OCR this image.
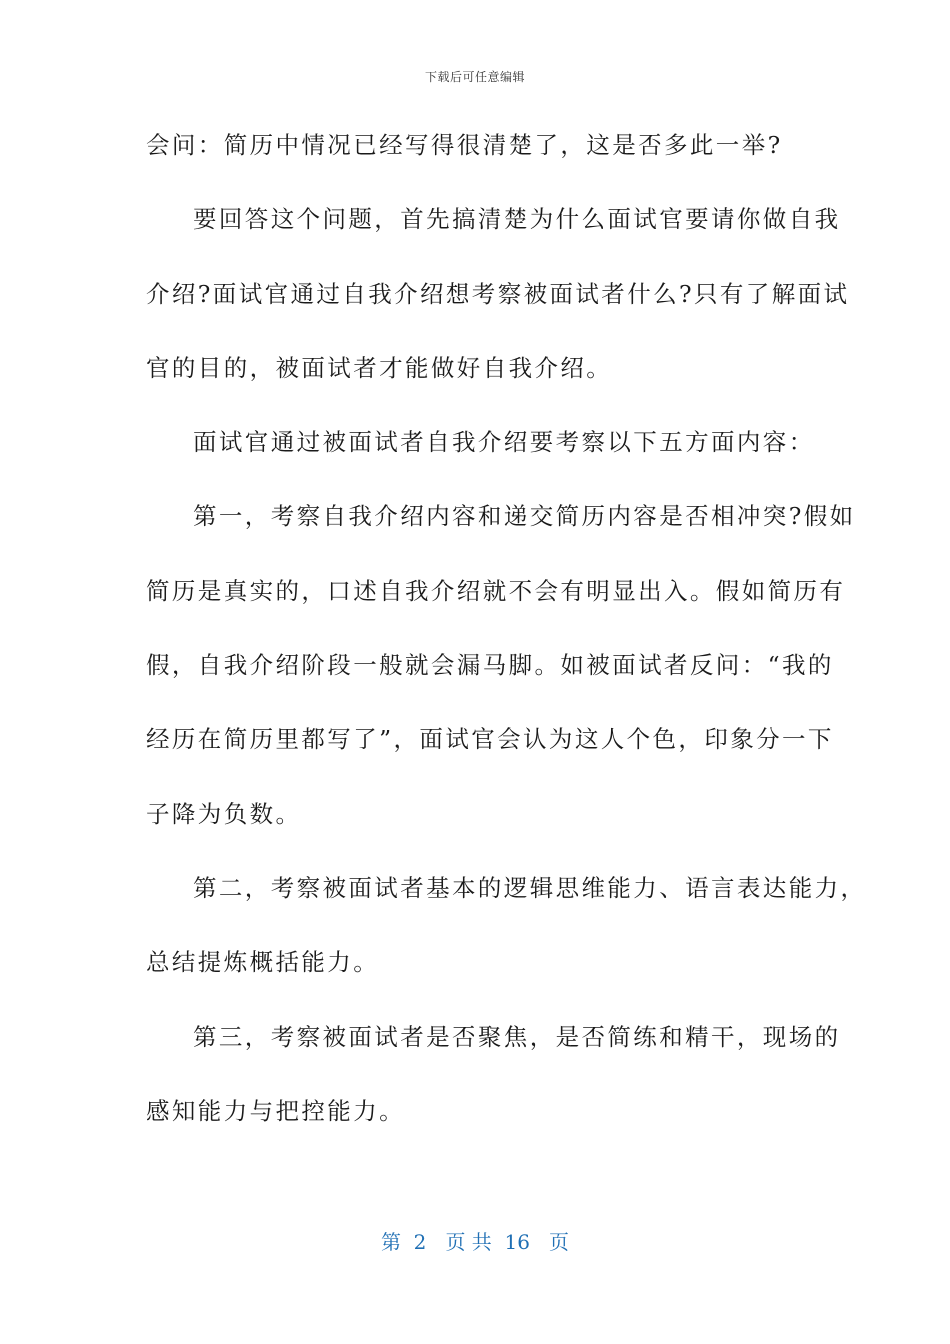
下载后可任意编辑
会问：简历中情况已经写得很清楚了，这是否多此一举?
要回答这个问题，首先搞清楚为什么面试官要请你做自我
介绍?面试官通过自我介绍想考察被面试者什么?只有了解面试
官的目的，被面试者才能做好自我介绍。
面试官通过被面试者自我介绍要考察以下五方面内容：
第一，考察自我介绍内容和递交简历内容是否相冲突?假如
简历是真实的，口述自我介绍就不会有明显出入。假如简历有
假，自我介绍阶段一般就会漏马脚。如被面试者反问：“我的
经历在简历里都写了”，面试官会认为这人个色，印象分一下
子降为负数。
第二，考察被面试者基本的逻辑思维能力、语言表达能力，
总结提炼概括能力。
第三，考察被面试者是否聚焦，是否简练和精干，现场的
感知能力与把控能力。
第  2   页 共  16   页
